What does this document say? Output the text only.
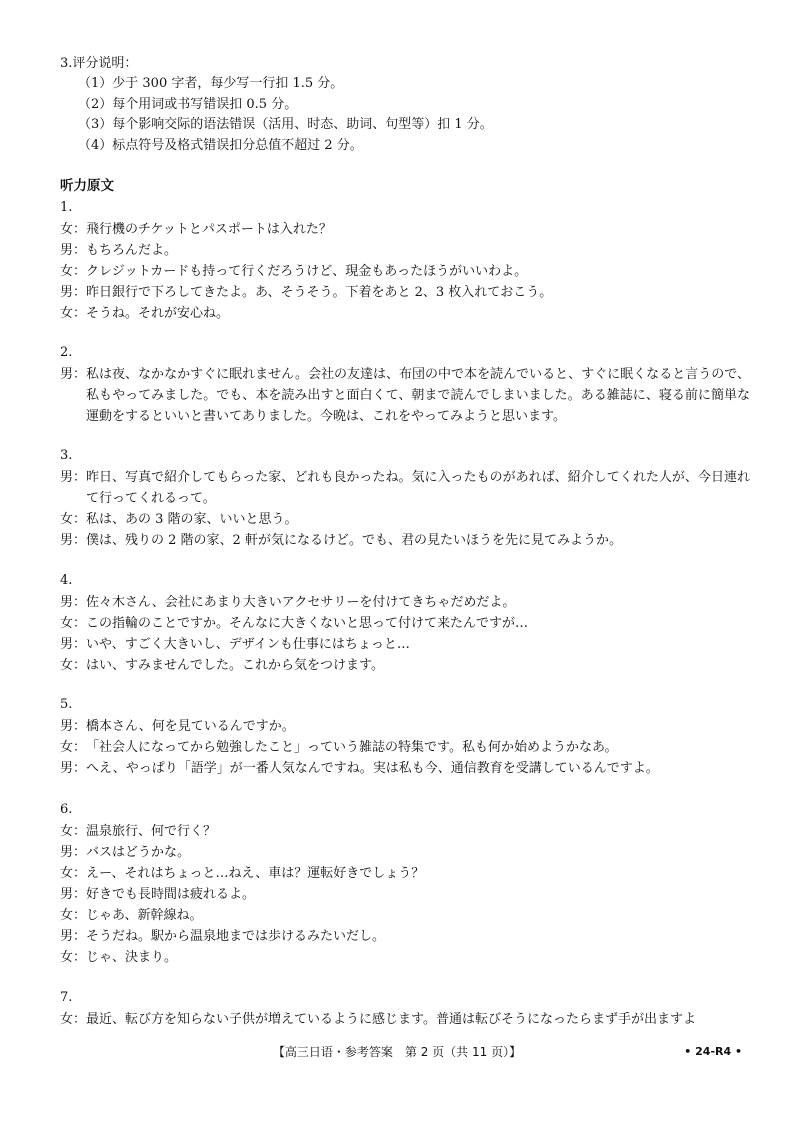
3.评分说明：
（1）少于 300 字者，每少写一行扣 1.5 分。
（2）每个用词或书写错误扣 0.5 分。
（3）每个影响交际的语法错误（活用、时态、助词、句型等）扣 1 分。
（4）标点符号及格式错误扣分总值不超过 2 分。
听力原文
1.
女： 飛行機のチケットとパスポートは入れた？
男： もちろんだよ。
女： クレジットカードも持って行くだろうけど、現金もあったほうがいいわよ。
男： 昨日銀行で下ろしてきたよ。あ、そうそう。下着をあと 2、3 枚入れておこう。
女： そうね。それが安心ね。
2.
男： 私は夜、なかなかすぐに眠れません。会社の友達は、布団の中で本を読んでいると、すぐに眠くなると言うので、私もやってみました。でも、本を読み出すと面白くて、朝まで読んでしまいました。ある雑誌に、寝る前に簡単な運動をするといいと書いてありました。今晩は、これをやってみようと思います。
3.
男： 昨日、写真で紹介してもらった家、どれも良かったね。気に入ったものがあれば、紹介してくれた人が、今日連れて行ってくれるって。
女： 私は、あの 3 階の家、いいと思う。
男： 僕は、残りの 2 階の家、2 軒が気になるけど。でも、君の見たいほうを先に見てみようか。
4.
男： 佐々木さん、会社にあまり大きいアクセサリーを付けてきちゃだめだよ。
女： この指輪のことですか。そんなに大きくないと思って付けて来たんですが…
男： いや、すごく大きいし、デザインも仕事にはちょっと…
女： はい、すみませんでした。これから気をつけます。
5.
男： 橋本さん、何を見ているんですか。
女： 「社会人になってから勉強したこと」っていう雑誌の特集です。私も何か始めようかなあ。
男： へえ、やっぱり「語学」が一番人気なんですね。実は私も今、通信教育を受講しているんですよ。
6.
女： 温泉旅行、何で行く？
男： バスはどうかな。
女： えー、それはちょっと…ねえ、車は？運転好きでしょう？
男： 好きでも長時間は疲れるよ。
女： じゃあ、新幹線ね。
男： そうだね。駅から温泉地までは歩けるみたいだし。
女： じゃ、決まり。
7.
女： 最近、転び方を知らない子供が増えているように感じます。普通は転びそうになったらまず手が出ますよ
【高三日语・参考答案　第 2 页（共 11 页）】	• 24-R4 •
